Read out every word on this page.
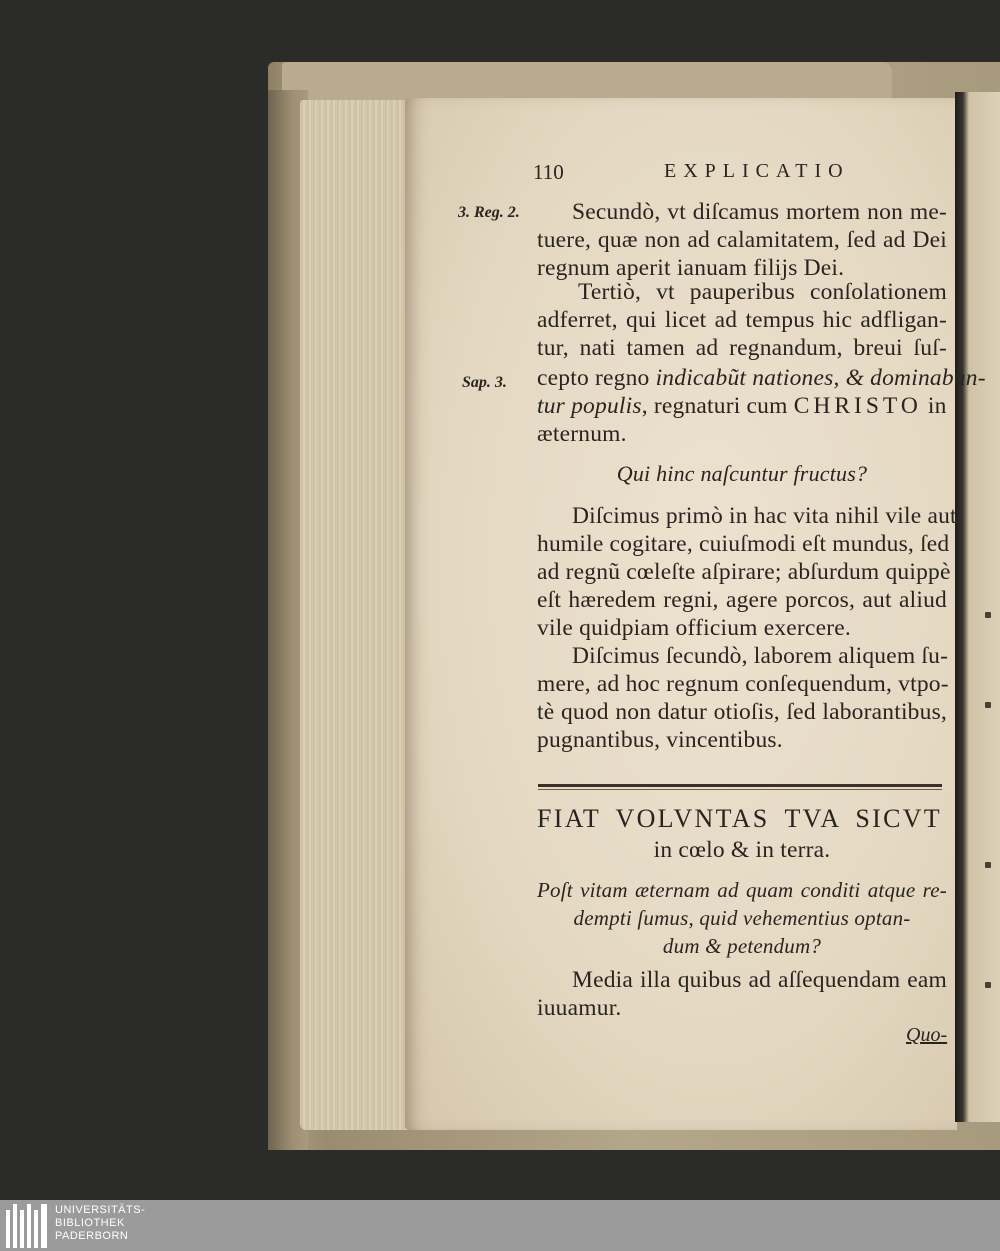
110	EXPLICATIO
3. Reg. 2.
Sap. 3.
Secundò, vt diſcamus mortem non me-
tuere, quæ non ad calamitatem, ſed ad Dei
regnum aperit ianuam filijs Dei.
Tertiò, vt pauperibus conſolationem
adferret, qui licet ad tempus hic adfligan-
tur, nati tamen ad regnandum, breui ſuſ-
cepto regno indicabũt nationes, & dominabun-
tur populis, regnaturi cum CHRISTO in
æternum.
Qui hinc naſcuntur fructus?
Diſcimus primò in hac vita nihil vile aut
humile cogitare, cuiuſmodi eſt mundus, ſed
ad regnũ cœleſte aſpirare; abſurdum quippè
eſt hæredem regni, agere porcos, aut aliud
vile quidpiam officium exercere.
Diſcimus ſecundò, laborem aliquem ſu-
mere, ad hoc regnum conſequendum, vtpo-
tè quod non datur otioſis, ſed laborantibus,
pugnantibus, vincentibus.
FIAT VOLVNTAS TVA SICVT
in cœlo & in terra.
Poſt vitam æternam ad quam conditi atque re-
dempti ſumus, quid vehementius optan-
dum & petendum?
Media illa quibus ad aſſequendam eam
iuuamur.
Quo-
UNIVERSITÄTS-
BIBLIOTHEK
PADERBORN
